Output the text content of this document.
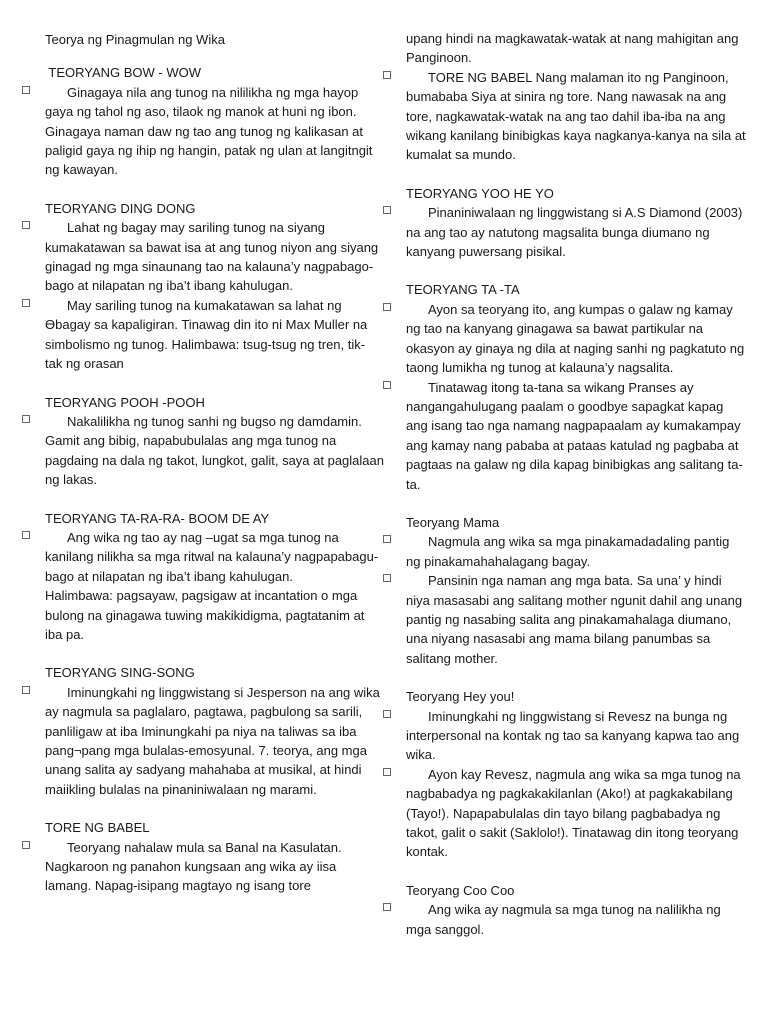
Teorya ng Pinagmulan ng Wika

TEORYANG BOW - WOW

Ginagaya nila ang tunog na nililikha ng mga hayop gaya ng tahol ng aso, tilaok ng manok at huni ng ibon. Ginagaya naman daw ng tao ang tunog ng kalikasan at paligid gaya ng ihip ng hangin, patak ng ulan at langitngit ng kawayan.

TEORYANG DING DONG

Lahat ng bagay may sariling tunog na siyang kumakatawan sa bawat isa at ang tunog niyon ang siyang ginagad ng mga sinaunang tao na kalauna’y nagpabago-bago at nilapatan ng iba’t ibang kahulugan.

May sariling tunog na kumakatawan sa lahat ng ϴbagay sa kapaligiran. Tinawag din ito ni Max Muller na simbolismo ng tunog. Halimbawa: tsug-tsug ng tren, tik- tak ng orasan

TEORYANG POOH -POOH

Nakalilikha ng tunog sanhi ng bugso ng damdamin. Gamit ang bibig, napabubulalas ang mga tunog na pagdaing na dala ng takot, lungkot, galit, saya at paglalaan ng lakas.

TEORYANG TA-RA-RA- BOOM DE AY

Ang wika ng tao ay nag –ugat sa mga tunog na kanilang nilikha sa mga ritwal na kalauna’y nagpapabagu-bago at nilapatan ng iba’t ibang kahulugan.

Halimbawa: pagsayaw, pagsigaw at incantation o mga bulong na ginagawa tuwing makikidigma, pagtatanim at iba pa.

TEORYANG SING-SONG

Iminungkahi ng linggwistang si Jesperson na ang wika ay nagmula sa paglalaro, pagtawa, pagbulong sa sarili, panliligaw at iba Iminungkahi pa niya na taliwas sa iba pang¬pang mga bulalas-emosyunal. 7. teorya, ang mga unang salita ay sadyang mahahaba at musikal, at hindi maiikling bulalas na pinaniniwalaan ng marami.

TORE NG BABEL

Teoryang nahalaw mula sa Banal na Kasulatan. Nagkaroon ng panahon kungsaan ang wika ay iisa lamang. Napag-isipang magtayo ng isang tore

upang hindi na magkawatak-watak at nang mahigitan ang Panginoon.

TORE NG BABEL Nang malaman ito ng Panginoon, bumababa Siya at sinira ng tore. Nang nawasak na ang tore, nagkawatak-watak na ang tao dahil iba-iba na ang wikang kanilang binibigkas kaya nagkanya-kanya na sila at kumalat sa mundo.

TEORYANG YOO HE YO

Pinaniniwalaan ng linggwistang si A.S Diamond (2003) na ang tao ay natutong magsalita bunga diumano ng kanyang puwersang pisikal.

TEORYANG TA -TA

Ayon sa teoryang ito, ang kumpas o galaw ng kamay ng tao na kanyang ginagawa sa bawat partikular na okasyon ay ginaya ng dila at naging sanhi ng pagkatuto ng taong lumikha ng tunog at kalauna’y nagsalita.

Tinatawag itong ta-tana sa wikang Pranses ay nangangahulugang paalam o goodbye sapagkat kapag ang isang tao nga namang nagpapaalam ay kumakampay ang kamay nang pababa at pataas katulad ng pagbaba at pagtaas na galaw ng dila kapag binibigkas ang salitang ta-ta.

Teoryang Mama

Nagmula ang wika sa mga pinakamadadaling pantig ng pinakamahahalagang bagay.

Pansinin nga naman ang mga bata. Sa una’ y hindi niya masasabi ang salitang mother ngunit dahil ang unang pantig ng nasabing salita ang pinakamahalaga diumano, una niyang nasasabi ang mama bilang panumbas sa salitang mother.

Teoryang Hey you!

Iminungkahi ng linggwistang si Revesz na bunga ng interpersonal na kontak ng tao sa kanyang kapwa tao ang wika.

Ayon kay Revesz, nagmula ang wika sa mga tunog na nagbabadya ng pagkakakilanlan (Ako!) at pagkakabilang (Tayo!). Napapabulalas din tayo bilang pagbabadya ng takot, galit o sakit (Saklolo!). Tinatawag din itong teoryang kontak.

Teoryang Coo Coo

Ang wika ay nagmula sa mga tunog na nalilikha ng mga sanggol.
